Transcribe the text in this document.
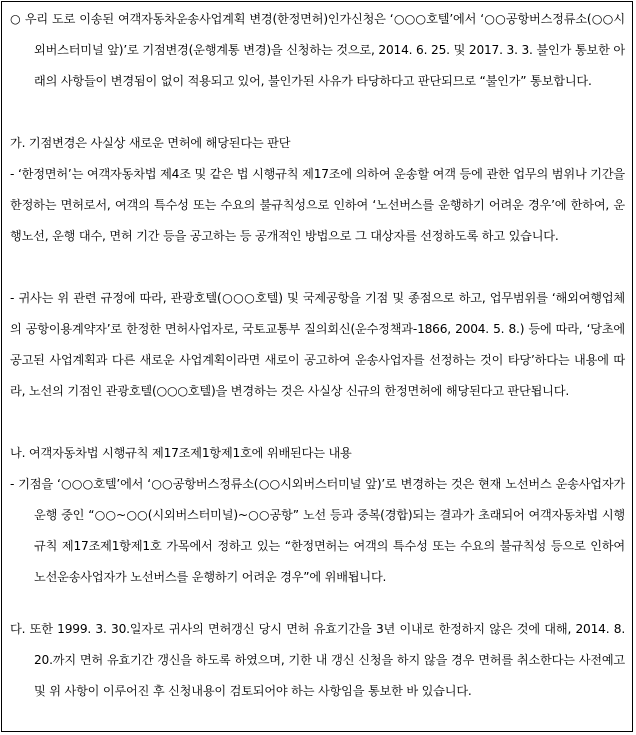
○ 우리 도로 이송된 여객자동차운송사업계획 변경(한정면허)인가신청은 ‘○○○호텔’에서 ‘○○공항버스정류소(○○시외버스터미널 앞)’로 기점변경(운행계통 변경)을 신청하는 것으로, 2014. 6. 25. 및 2017. 3. 3. 불인가 통보한 아래의 사항들이 변경됨이 없이 적용되고 있어, 불인가된 사유가 타당하다고 판단되므로 “불인가” 통보합니다.

가. 기점변경은 사실상 새로운 면허에 해당된다는 판단

- ‘한정면허’는 여객자동차법 제4조 및 같은 법 시행규칙 제17조에 의하여 운송할 여객 등에 관한 업무의 범위나 기간을 한정하는 면허로서, 여객의 특수성 또는 수요의 불규칙성으로 인하여 ‘노선버스를 운행하기 어려운 경우’에 한하여, 운행노선, 운행 대수, 면허 기간 등을 공고하는 등 공개적인 방법으로 그 대상자를 선정하도록 하고 있습니다.

- 귀사는 위 관련 규정에 따라, 관광호텔(○○○호텔) 및 국제공항을 기점 및 종점으로 하고, 업무범위를 ‘해외여행업체의 공항이용계약자’로 한정한 면허사업자로, 국토교통부 질의회신(운수정책과-1866, 2004. 5. 8.) 등에 따라, ‘당초에 공고된 사업계획과 다른 새로운 사업계획이라면 새로이 공고하여 운송사업자를 선정하는 것이 타당’하다는 내용에 따라, 노선의 기점인 관광호텔(○○○호텔)을 변경하는 것은 사실상 신규의 한정면허에 해당된다고 판단됩니다.

나. 여객자동차법 시행규칙 제17조제1항제1호에 위배된다는 내용

- 기점을 ‘○○○호텔’에서 ‘○○공항버스정류소(○○시외버스터미널 앞)’로 변경하는 것은 현재 노선버스 운송사업자가 운행 중인 “○○~○○(시외버스터미널)~○○공항” 노선 등과 중복(경합)되는 결과가 초래되어 여객자동차법 시행규칙 제17조제1항제1호 가목에서 정하고 있는 “한정면허는 여객의 특수성 또는 수요의 불규칙성 등으로 인하여 노선운송사업자가 노선버스를 운행하기 어려운 경우”에 위배됩니다.

다. 또한 1999. 3. 30.일자로 귀사의 면허갱신 당시 면허 유효기간을 3년 이내로 한정하지 않은 것에 대해, 2014. 8. 20.까지 면허 유효기간 갱신을 하도록 하였으며, 기한 내 갱신 신청을 하지 않을 경우 면허를 취소한다는 사전예고 및 위 사항이 이루어진 후 신청내용이 검토되어야 하는 사항임을 통보한 바 있습니다.
